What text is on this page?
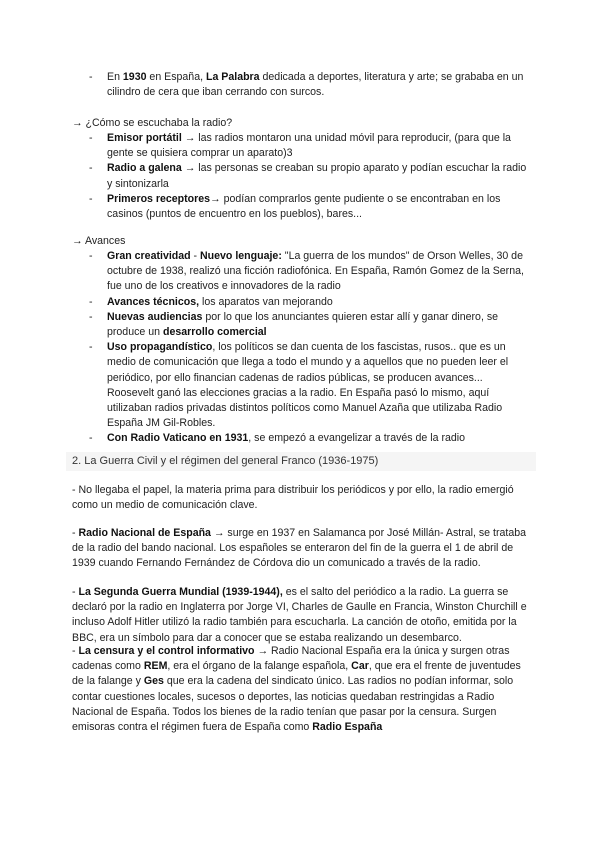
- En 1930 en España, La Palabra dedicada a deportes, literatura y arte; se grababa en un cilindro de cera que iban cerrando con surcos.

→ ¿Cómo se escuchaba la radio?

- Emisor portátil → las radios montaron una unidad móvil para reproducir, (para que la gente se quisiera comprar un aparato)3
- Radio a galena → las personas se creaban su propio aparato y podían escuchar la radio y sintonizarla
- Primeros receptores→ podían comprarlos gente pudiente o se encontraban en los casinos (puntos de encuentro en los pueblos), bares...

→ Avances

- Gran creatividad - Nuevo lenguaje: "La guerra de los mundos" de Orson Welles, 30 de octubre de 1938, realizó una ficción radiofónica. En España, Ramón Gomez de la Serna, fue uno de los creativos e innovadores de la radio
- Avances técnicos, los aparatos van mejorando
- Nuevas audiencias por lo que los anunciantes quieren estar allí y ganar dinero, se produce un desarrollo comercial
- Uso propagandístico, los políticos se dan cuenta de los fascistas, rusos.. que es un medio de comunicación que llega a todo el mundo y a aquellos que no pueden leer el periódico, por ello financian cadenas de radios públicas, se producen avances... Roosevelt ganó las elecciones gracias a la radio. En España pasó lo mismo, aquí utilizaban radios privadas distintos políticos como Manuel Azaña que utilizaba Radio España JM Gil-Robles.
- Con Radio Vaticano en 1931, se empezó a evangelizar a través de la radio

2. La Guerra Civil y el régimen del general Franco (1936-1975)

- No llegaba el papel, la materia prima para distribuir los periódicos y por ello, la radio emergió como un medio de comunicación clave.

- Radio Nacional de España → surge en 1937 en Salamanca por José Millán- Astral, se trataba de la radio del bando nacional. Los españoles se enteraron del fin de la guerra el 1 de abril de 1939 cuando Fernando Fernández de Córdova dio un comunicado a través de la radio.

- La Segunda Guerra Mundial (1939-1944), es el salto del periódico a la radio. La guerra se declaró por la radio en Inglaterra por Jorge VI, Charles de Gaulle en Francia, Winston Churchill e incluso Adolf Hitler utilizó la radio también para escucharla. La canción de otoño, emitida por la BBC, era un símbolo para dar a conocer que se estaba realizando un desembarco.

- La censura y el control informativo → Radio Nacional España era la única y surgen otras cadenas como REM, era el órgano de la falange española, Car, que era el frente de juventudes de la falange y Ges que era la cadena del sindicato único. Las radios no podían informar, solo contar cuestiones locales, sucesos o deportes, las noticias quedaban restringidas a Radio Nacional de España. Todos los bienes de la radio tenían que pasar por la censura. Surgen emisoras contra el régimen fuera de España como Radio España
